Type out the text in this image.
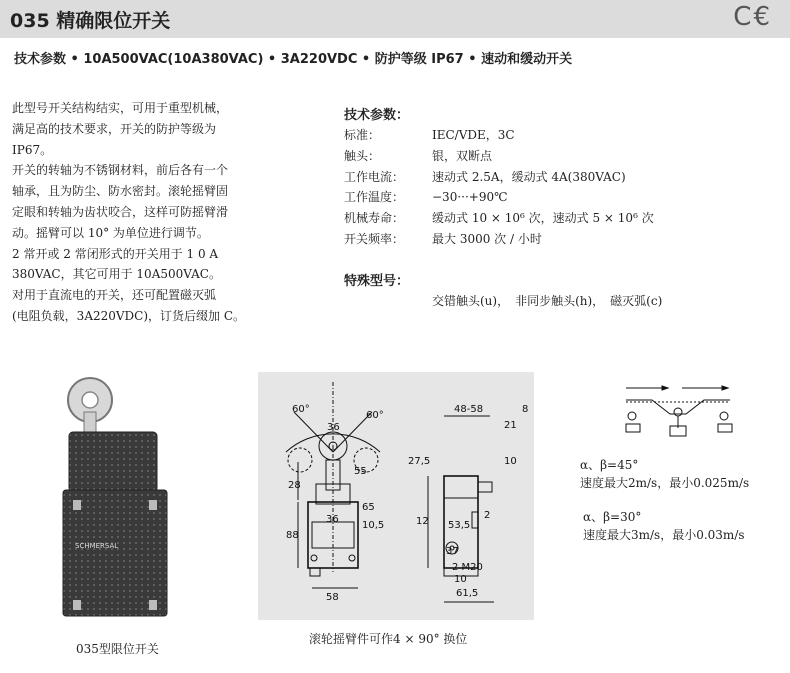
035 精确限位开关	C€
技术参数 • 10A500VAC(10A380VAC) • 3A220VDC • 防护等级 IP67 • 速动和缓动开关

此型号开关结构结实，可用于重型机械，

满足高的技术要求，开关的防护等级为

IP67。

开关的转轴为不锈钢材料，前后各有一个

轴承，且为防尘、防水密封。滚轮摇臂固

定眼和转轴为齿状咬合，这样可防摇臂滑

动。摇臂可以 10° 为单位进行调节。

2 常开或 2 常闭形式的开关用于 1 0 A

380VAC，其它可用于 10A500VAC。

对用于直流电的开关，还可配置磁灭弧

(电阻负载，3A220VDC)，订货后缀加 C。

技术参数：
标准：	IEC/VDE，3C
触头：	银，双断点
工作电流：	速动式 2.5A，缓动式 4A(380VAC)
工作温度：	−30···+90℃
机械寿命：	缓动式 10 × 10⁶ 次，速动式 5 × 10⁶ 次
开关频率：	最大 3000 次 / 小时
特殊型号：
交错触头(u)，　非同步触头(h)，　磁灭弧(c)
SCHMERSAL
035型限位开关
60°
60°
36
55
28
36
65
10,5
88
58
48-58	8
21
27,5	10
12 53,5
2
37
2 M20
10
61,5
滚轮摇臂件可作4 × 90° 换位
α、β=45°
速度最大2m/s，最小0.025m/s
α、β=30°
速度最大3m/s，最小0.03m/s
